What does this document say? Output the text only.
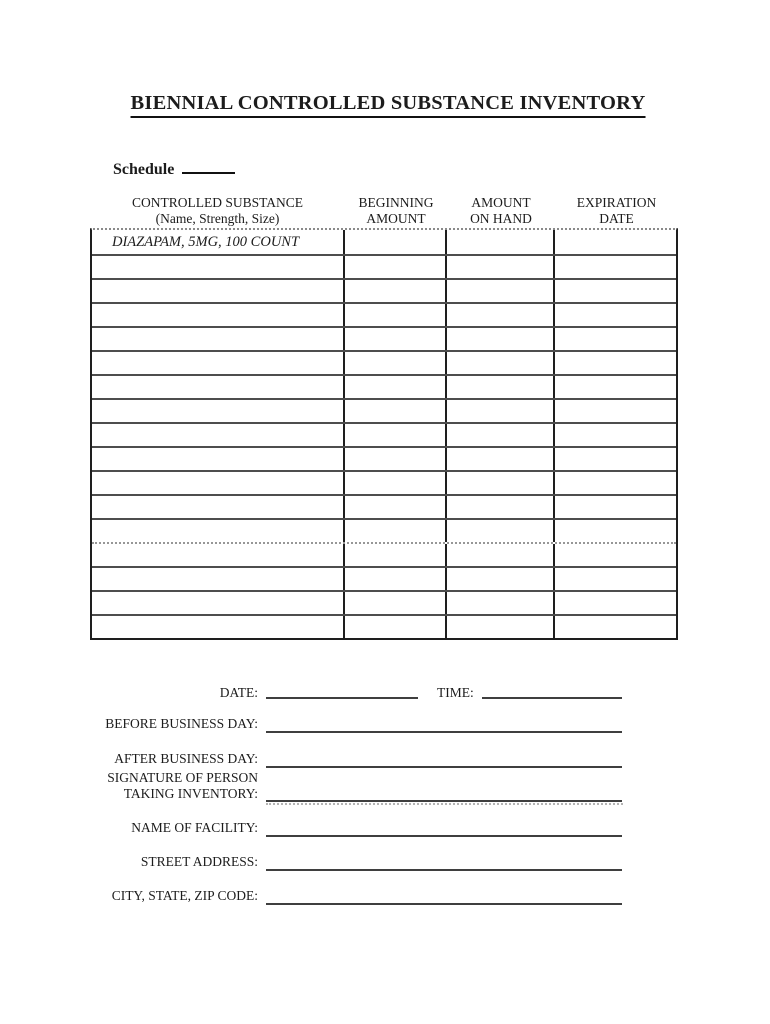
BIENNIAL CONTROLLED SUBSTANCE INVENTORY
Schedule
CONTROLLED SUBSTANCE
(Name, Strength, Size)
BEGINNING
AMOUNT
AMOUNT
ON HAND
EXPIRATION
DATE
DIAZAPAM, 5MG, 100 COUNT
DATE:	TIME:
BEFORE BUSINESS DAY:
AFTER BUSINESS DAY:
SIGNATURE OF PERSON
TAKING INVENTORY:
NAME OF FACILITY:
STREET ADDRESS:
CITY, STATE, ZIP CODE:
